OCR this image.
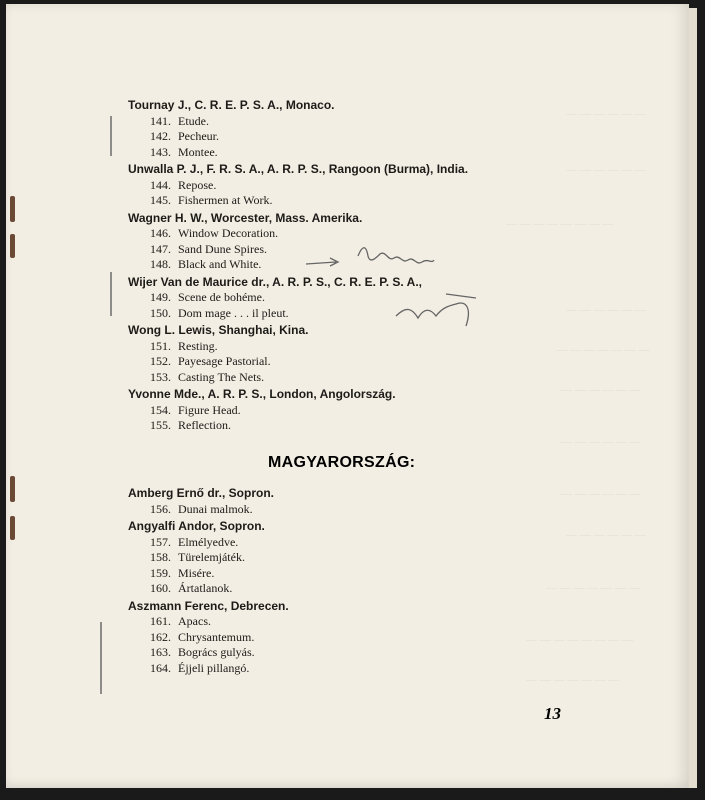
— — — — — —
— — — — — —
— — — — — — — —
— — — — — —
— — — — — — —
— — — — — —
— — — — — —
— — — — — —
— — — — — —
— — — — — — —
— — — — — — — —
— — — — — — —
Tournay J., C. R. E. P. S. A., Monaco.
141. Etude.
142. Pecheur.
143. Montee.
Unwalla P. J., F. R. S. A., A. R. P. S., Rangoon (Burma), India.
144. Repose.
145. Fishermen at Work.
Wagner H. W., Worcester, Mass. Amerika.
146. Window Decoration.
147. Sand Dune Spires.
148. Black and White.
Wijer Van de Maurice dr., A. R. P. S., C. R. E. P. S. A.,
149. Scene de bohéme.
150. Dom mage . . . il pleut.
Wong L. Lewis, Shanghai, Kina.
151. Resting.
152. Payesage Pastorial.
153. Casting The Nets.
Yvonne Mde., A. R. P. S., London, Angolország.
154. Figure Head.
155. Reflection.
Amberg Ernő dr., Sopron.
156. Dunai malmok.
Angyalfi Andor, Sopron.
157. Elmélyedve.
158. Türelemjáték.
159. Misére.
160. Ártatlanok.
Aszmann Ferenc, Debrecen.
161. Apacs.
162. Chrysantemum.
163. Bogrács gulyás.
164. Éjjeli pillangó.
MAGYARORSZÁG:
13
